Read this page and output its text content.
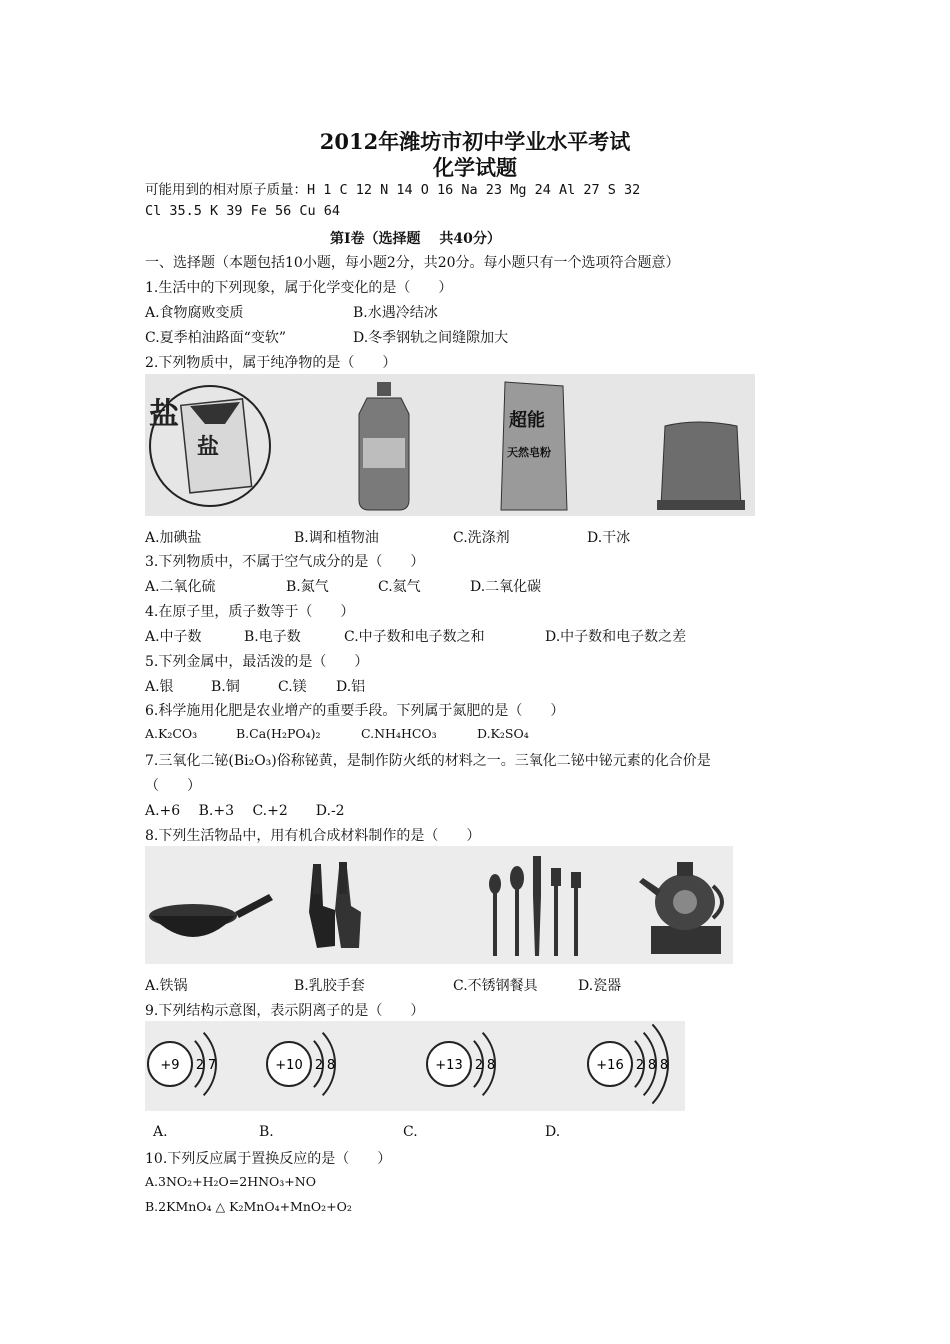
2012年潍坊市初中学业水平考试
化学试题
可能用到的相对原子质量：H 1 C 12 N 14 O 16 Na 23 Mg 24 Al 27 S 32
Cl 35.5 K 39 Fe 56 Cu 64
第Ⅰ卷（选择题　 共40分）
一、选择题（本题包括10小题，每小题2分，共20分。每小题只有一个选项符合题意）
1.生活中的下列现象，属于化学变化的是（　　）
A.食物腐败变质	B.水遇冷结冰
C.夏季柏油路面“变软”	D.冬季钢轨之间缝隙加大
2.下列物质中，属于纯净物的是（　　）
盐
盐
超能
天然皂粉
A.加碘盐	B.调和植物油	C.洗涤剂	D.干冰
3.下列物质中，不属于空气成分的是（　　）
A.二氧化硫	B.氮气	C.氦气	D.二氧化碳
4.在原子里，质子数等于（　　）
A.中子数	B.电子数	C.中子数和电子数之和	D.中子数和电子数之差
5.下列金属中，最活泼的是（　　）
A.银	B.铜	C.镁 D.铝
6.科学施用化肥是农业增产的重要手段。下列属于氮肥的是（　　）
A.K₂CO₃	B.Ca(H₂PO₄)₂	C.NH₄HCO₃	D.K₂SO₄
7.三氧化二铋(Bi₂O₃)俗称铋黄，是制作防火纸的材料之一。三氧化二铋中铋元素的化合价是
（　　）
A.+6　 B.+3　 C.+2　　D.-2
8.下列生活物品中，用有机合成材料制作的是（　　）
A.铁锅	B.乳胶手套	C.不锈钢餐具	D.瓷器
9.下列结构示意图，表示阴离子的是（　　）
+9 2 7	+10 2 8	+13 2 8	+16 2 8 8
A.	B.	C.	D.
10.下列反应属于置换反应的是（　　）
A.3NO₂+H₂O=2HNO₃+NO
B.2KMnO₄ △ K₂MnO₄+MnO₂+O₂
